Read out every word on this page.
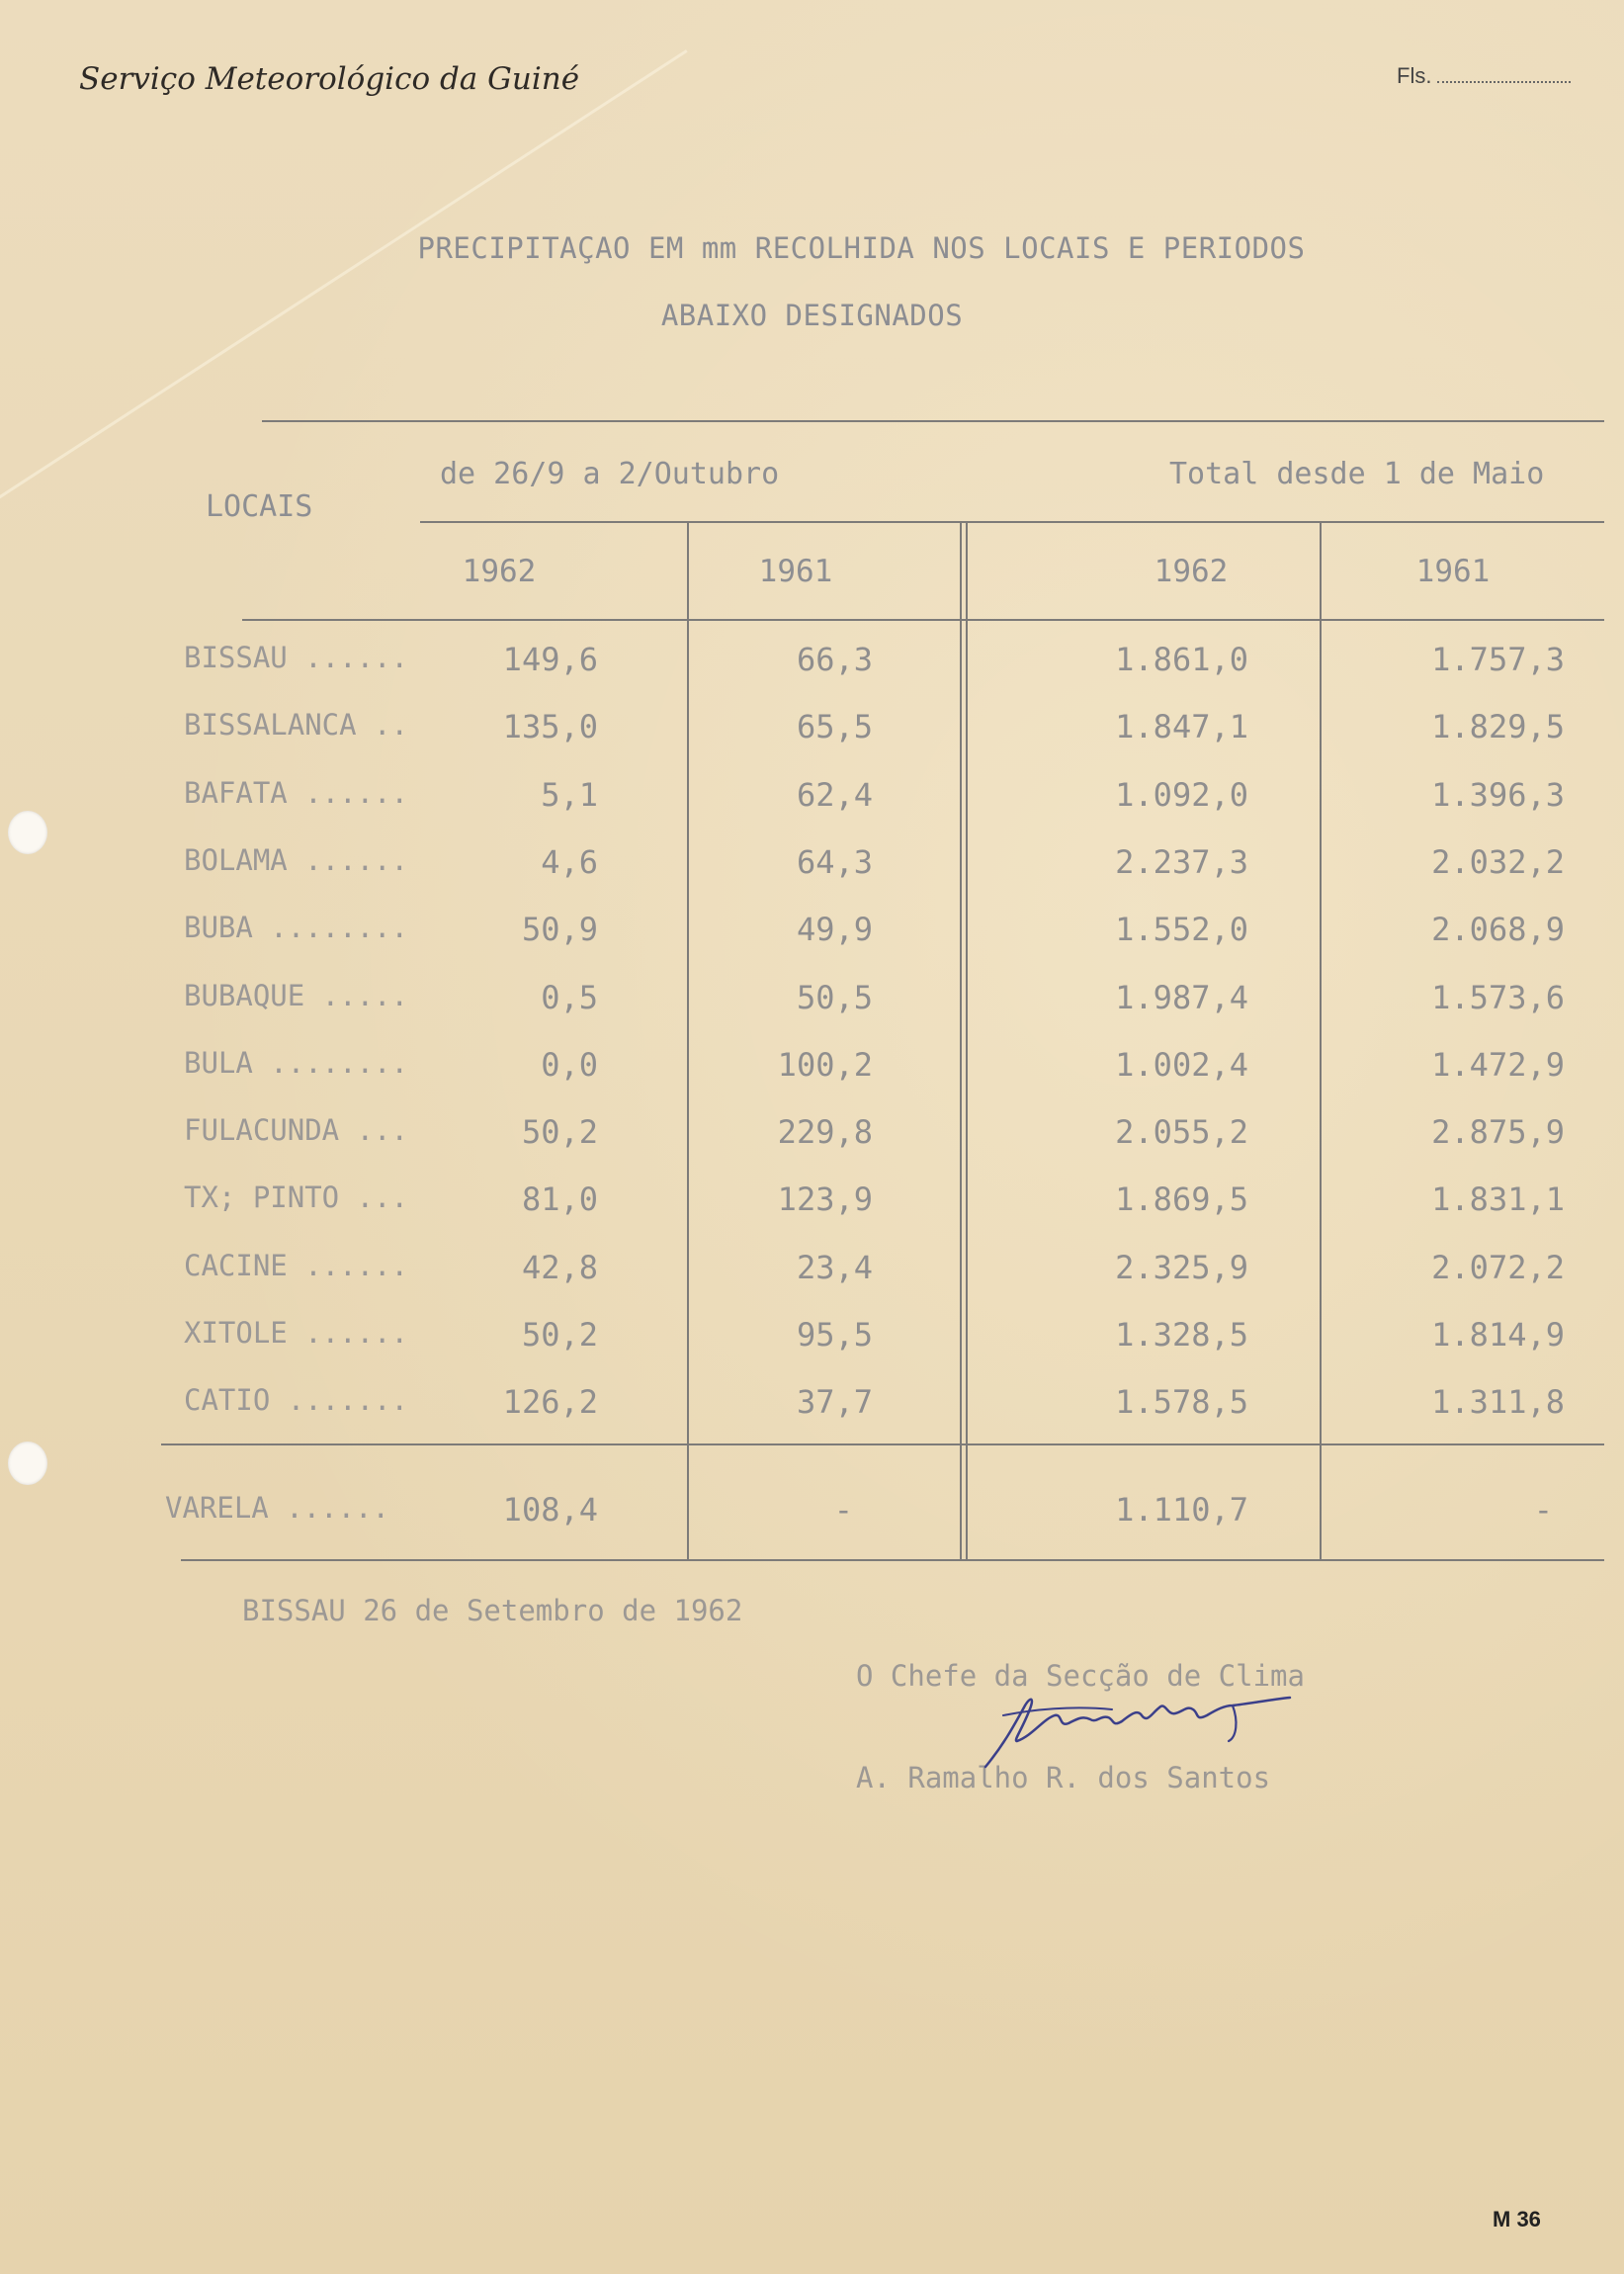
Serviço Meteorológico da Guiné	Fls.
PRECIPITAÇAO EM mm RECOLHIDA NOS LOCAIS E PERIODOS
ABAIXO DESIGNADOS
LOCAIS
de 26/9 a 2/Outubro	Total desde 1 de Maio
1962	1961	1962	1961
BISSAU ......	149,6	66,3	1.861,0	1.757,3
BISSALANCA ..	135,0	65,5	1.847,1	1.829,5
BAFATA ......	5,1	62,4	1.092,0	1.396,3
BOLAMA ......	4,6	64,3	2.237,3	2.032,2
BUBA ........	50,9	49,9	1.552,0	2.068,9
BUBAQUE .....	0,5	50,5	1.987,4	1.573,6
BULA ........	0,0	100,2	1.002,4	1.472,9
FULACUNDA ...	50,2	229,8	2.055,2	2.875,9
TX; PINTO ...	81,0	123,9	1.869,5	1.831,1
CACINE ......	42,8	23,4	2.325,9	2.072,2
XITOLE ......	50,2	95,5	1.328,5	1.814,9
CATIO .......	126,2	37,7	1.578,5	1.311,8
VARELA ......	108,4	-	1.110,7	-
BISSAU 26 de Setembro de 1962
O Chefe da Secção de Clima
A. Ramalho R. dos Santos
M 36
